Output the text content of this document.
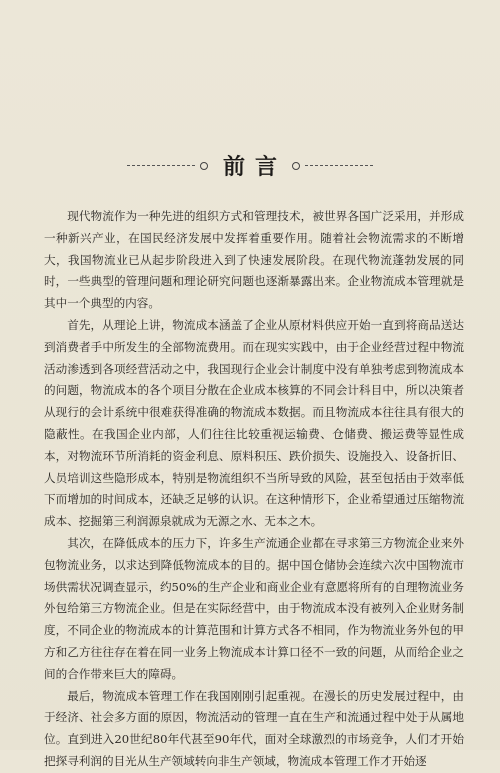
前言

现代物流作为一种先进的组织方式和管理技术，被世界各国广泛采用，并形成一种新兴产业，在国民经济发展中发挥着重要作用。随着社会物流需求的不断增大，我国物流业已从起步阶段进入到了快速发展阶段。在现代物流蓬勃发展的同时，一些典型的管理问题和理论研究问题也逐渐暴露出来。企业物流成本管理就是其中一个典型的内容。

首先，从理论上讲，物流成本涵盖了企业从原材料供应开始一直到将商品送达到消费者手中所发生的全部物流费用。而在现实实践中，由于企业经营过程中物流活动渗透到各项经营活动之中，我国现行企业会计制度中没有单独考虑到物流成本的问题，物流成本的各个项目分散在企业成本核算的不同会计科目中，所以决策者从现行的会计系统中很难获得准确的物流成本数据。而且物流成本往往具有很大的隐蔽性。在我国企业内部，人们往往比较重视运输费、仓储费、搬运费等显性成本，对物流环节所消耗的资金利息、原料积压、跌价损失、设施投入、设备折旧、人员培训这些隐形成本，特别是物流组织不当所导致的风险，甚至包括由于效率低下而增加的时间成本，还缺乏足够的认识。在这种情形下，企业希望通过压缩物流成本、挖掘第三利润源泉就成为无源之水、无本之木。

其次，在降低成本的压力下，许多生产流通企业都在寻求第三方物流企业来外包物流业务，以求达到降低物流成本的目的。据中国仓储协会连续六次中国物流市场供需状况调查显示，约50%的生产企业和商业企业有意愿将所有的自理物流业务外包给第三方物流企业。但是在实际经营中，由于物流成本没有被列入企业财务制度，不同企业的物流成本的计算范围和计算方式各不相同，作为物流业务外包的甲方和乙方往往存在着在同一业务上物流成本计算口径不一致的问题，从而给企业之间的合作带来巨大的障碍。

最后，物流成本管理工作在我国刚刚引起重视。在漫长的历史发展过程中，由于经济、社会多方面的原因，物流活动的管理一直在生产和流通过程中处于从属地位。直到进入20世纪80年代甚至90年代，面对全球激烈的市场竞争，人们才开始把探寻利润的目光从生产领域转向非生产领域，物流成本管理工作才开始逐
